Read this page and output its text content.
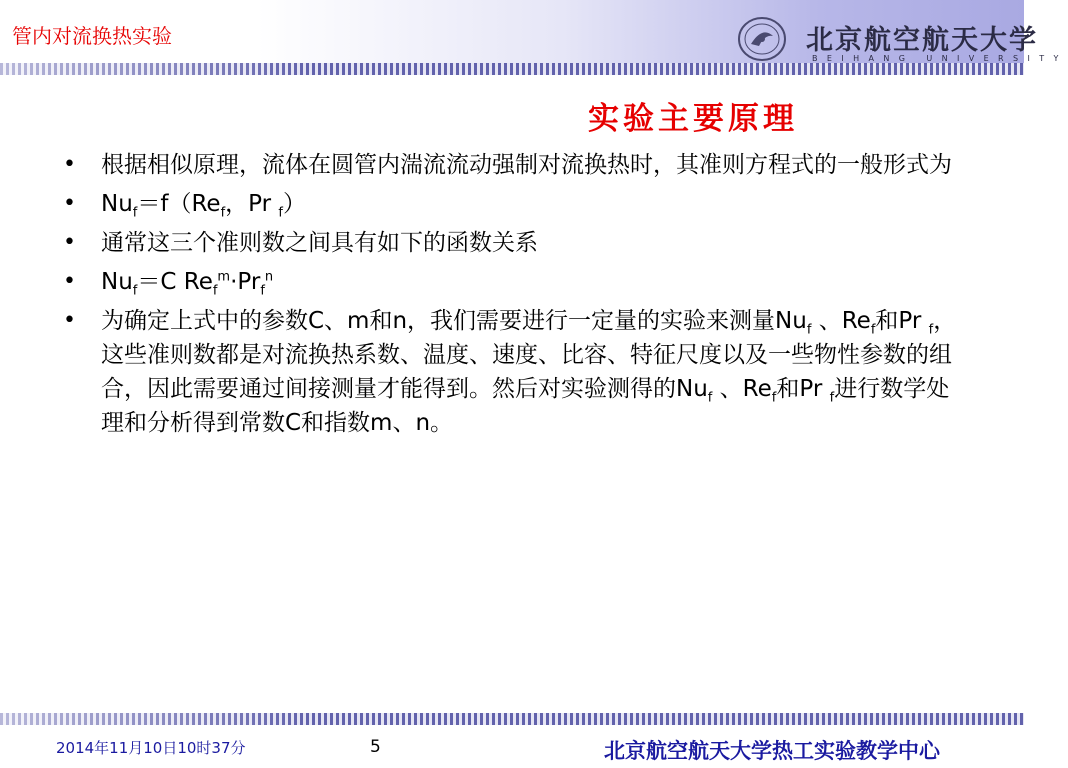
管内对流换热实验	北京航空航天大学
BEIHANG UNIVERSITY
实验主要原理
• 根据相似原理，流体在圆管内湍流流动强制对流换热时，其准则方程式的一般形式为
• $Nu_f=f(Re_f$，Pr $_f$）
• 通常这三个准则数之间具有如下的函数关系
• $Nu_f=C$ $Re_f^m\cdot Pr_f^n$
• 为确定上式中的参数C、m和n，我们需要进行一定量的实验来测量$Nu_f$ 、$Re_f$和Pr $_f$，这些准则数都是对流换热系数、温度、速度、比容、特征尺度以及一些物性参数的组合，因此需要通过间接测量才能得到。然后对实验测得的$Nu_f$ 、$Re_f$和Pr $_f$进行数学处理和分析得到常数C和指数m、n。
2014年11月10日10时37分	5	北京航空航天大学热工实验教学中心
